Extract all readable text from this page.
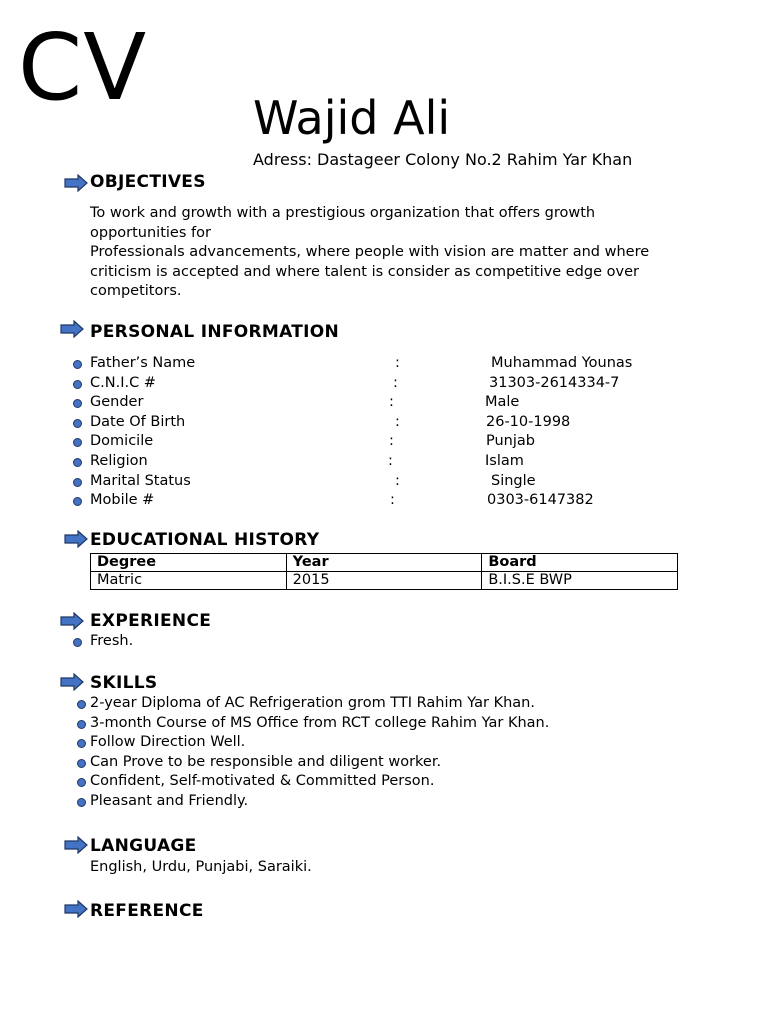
CV Wajid Ali
Adress: Dastageer Colony No.2 Rahim Yar Khan
OBJECTIVES

To work and growth with a prestigious organization that offers growth opportunities for

Professionals advancements, where people with vision are matter and where criticism is accepted and where talent is consider as competitive edge over competitors.

PERSONAL INFORMATION
Father’s Name	:	Muhammad Younas
C.N.I.C #	:	31303-2614334-7
Gender	:	Male
Date Of Birth	:	26-10-1998
Domicile	:	Punjab
Religion	:	Islam
Marital Status	:	Single
Mobile #	:	0303-6147382
EDUCATIONAL HISTORY
Degree	Year	Board
Matric	2015	B.I.S.E BWP
EXPERIENCE
Fresh.
SKILLS
2-year Diploma of AC Refrigeration grom TTI Rahim Yar Khan.
3-month Course of MS Office from RCT college Rahim Yar Khan.
Follow Direction Well.
Can Prove to be responsible and diligent worker.
Confident, Self-motivated & Committed Person.
Pleasant and Friendly.
LANGUAGE
English, Urdu, Punjabi, Saraiki.
REFERENCE
